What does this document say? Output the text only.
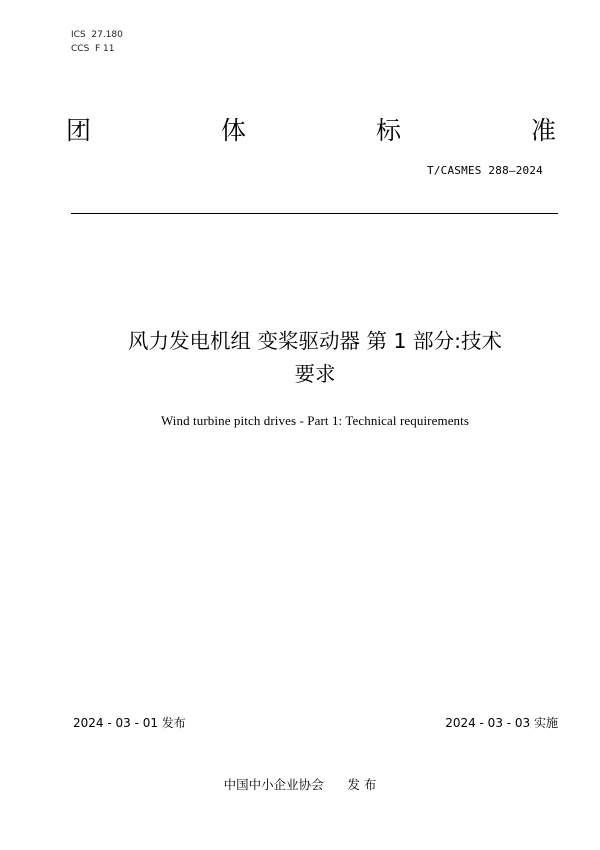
ICS  27.180
CCS  F 11
团	体	标	准
T/CASMES 288—2024
风力发电机组 变桨驱动器 第 1 部分:技术
要求
Wind turbine pitch drives - Part 1: Technical requirements
2024 - 03 - 01 发布	2024 - 03 - 03 实施
中国中小企业协会 发 布
